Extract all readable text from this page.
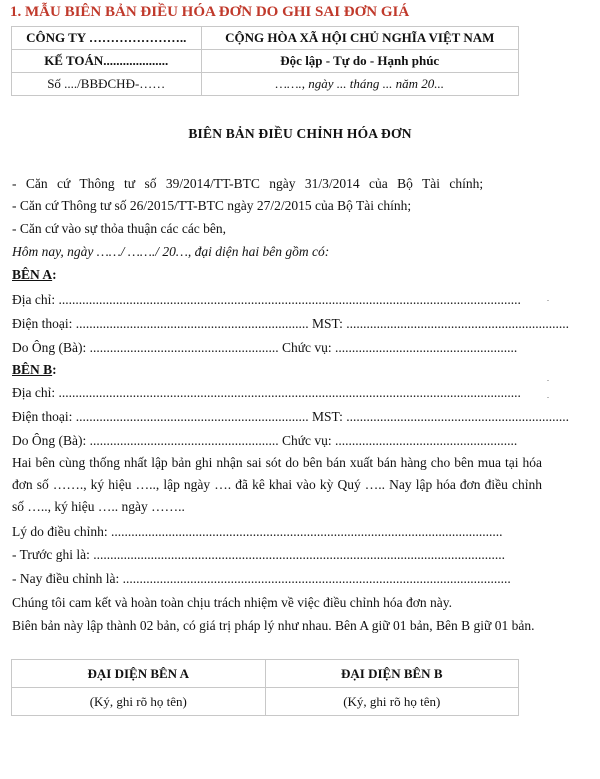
1. MẪU BIÊN BẢN ĐIỀU HÓA ĐƠN DO GHI SAI ĐƠN GIÁ
CÔNG TY …………………..	CỘNG HÒA XÃ HỘI CHỦ NGHĨA VIỆT NAM
KẾ TOÁN....................	Độc lập - Tự do - Hạnh phúc
Số ..../BBĐCHĐ-……	……., ngày ... tháng ... năm 20...
BIÊN BẢN ĐIỀU CHỈNH HÓA ĐƠN
- Căn cứ Thông tư số 39/2014/TT-BTC ngày 31/3/2014 của Bộ Tài chính;
- Căn cứ Thông tư số 26/2015/TT-BTC ngày 27/2/2015 của Bộ Tài chính;
- Căn cứ vào sự thỏa thuận các các bên,
Hôm nay, ngày ……/ ……./ 20…, đại diện hai bên gồm có:
BÊN A:
Địa chỉ: .........................................................................................................................................
Điện thoại: ..................................................................... MST: ..................................................................
Do Ông (Bà): ........................................................ Chức vụ: ......................................................
BÊN B:
Địa chỉ: .........................................................................................................................................
Điện thoại: ..................................................................... MST: ..................................................................
Do Ông (Bà): ........................................................ Chức vụ: ......................................................
Hai bên cùng thống nhất lập bản ghi nhận sai sót do bên bán xuất bán hàng cho bên mua tại hóa đơn số ……., ký hiệu ….., lập ngày …. đã kê khai vào kỳ Quý ….. Nay lập hóa đơn điều chỉnh số ….., ký hiệu ….. ngày ……..
Lý do điều chỉnh: ....................................................................................................................
- Trước ghi là: ..........................................................................................................................
- Nay điều chỉnh là: ...................................................................................................................
Chúng tôi cam kết và hoàn toàn chịu trách nhiệm về việc điều chỉnh hóa đơn này.
Biên bản này lập thành 02 bản, có giá trị pháp lý như nhau. Bên A giữ 01 bản, Bên B giữ 01 bản.
ĐẠI DIỆN BÊN A	ĐẠI DIỆN BÊN B
(Ký, ghi rõ họ tên)	(Ký, ghi rõ họ tên)
